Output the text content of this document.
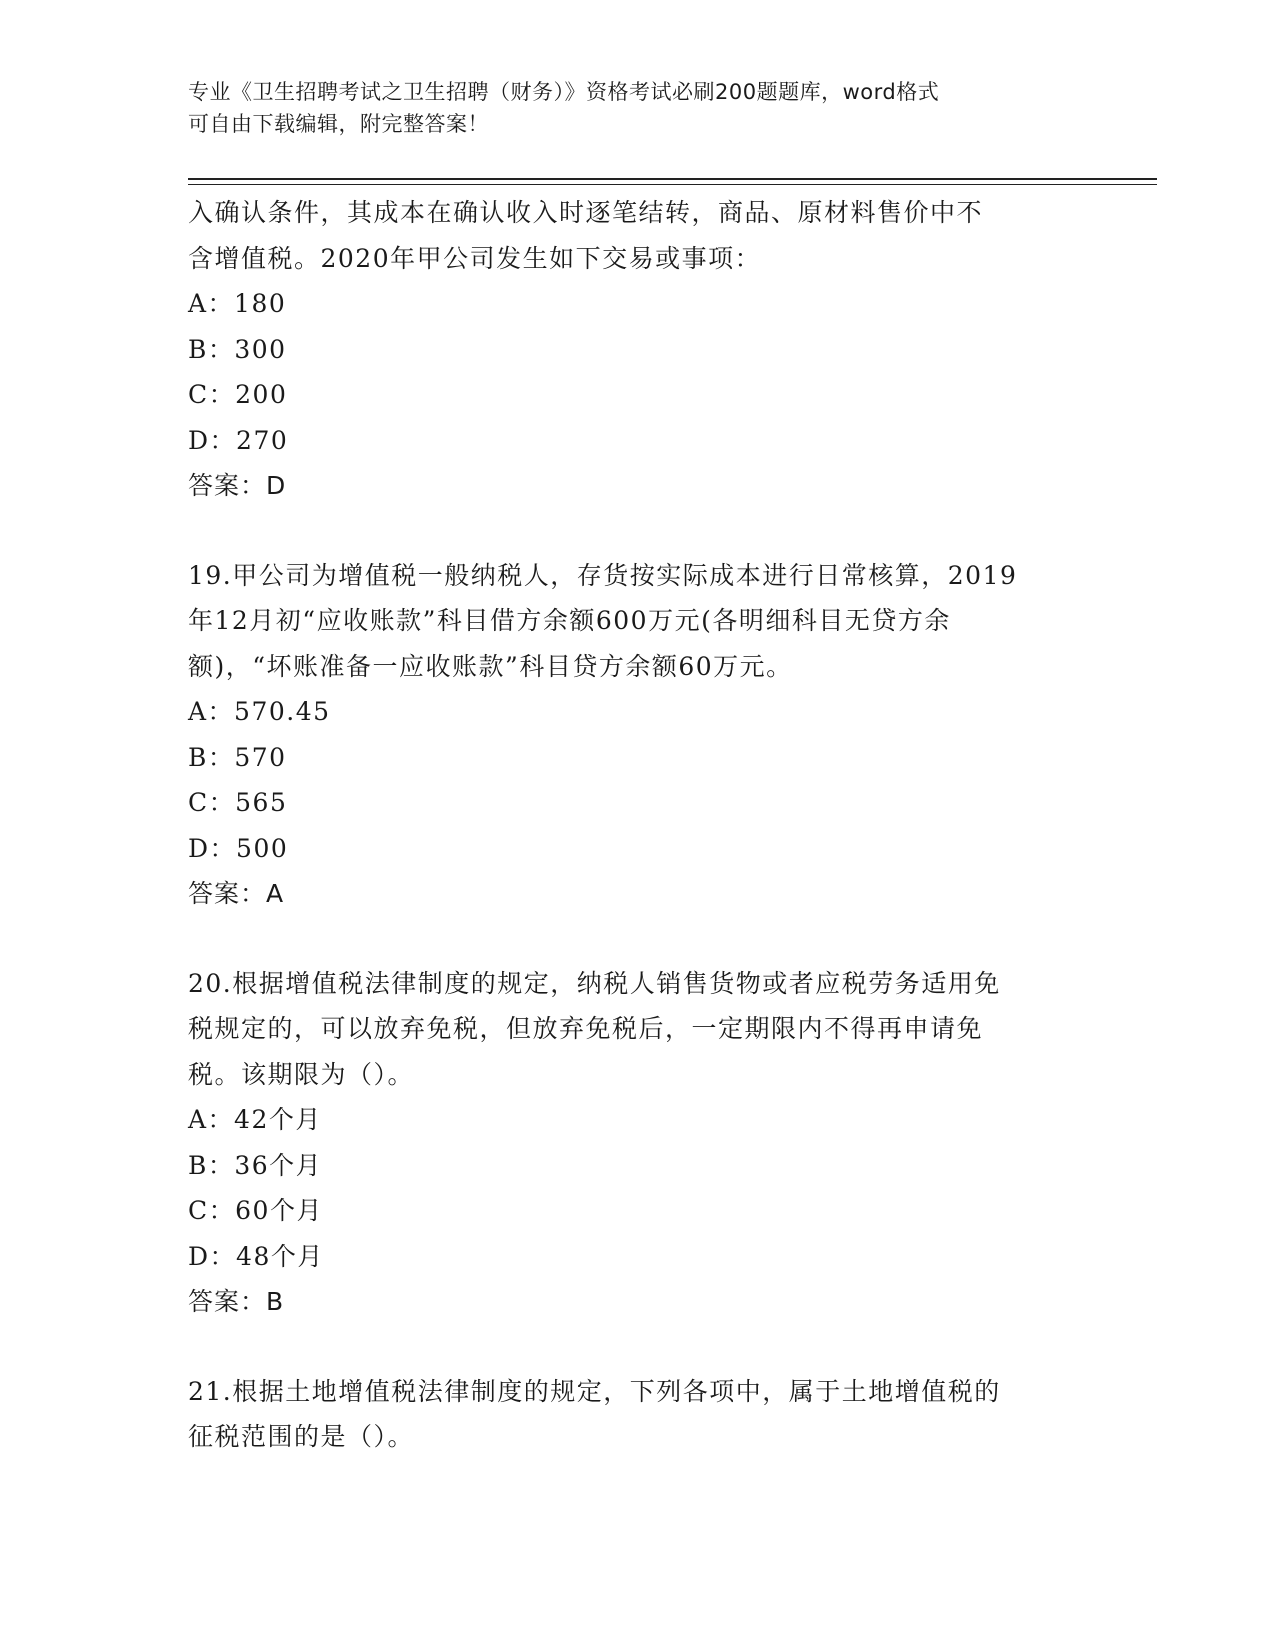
专业《卫生招聘考试之卫生招聘（财务）》资格考试必刷200题题库，word格式
可自由下载编辑，附完整答案！
入确认条件，其成本在确认收入时逐笔结转，商品、原材料售价中不
含增值税。2020年甲公司发生如下交易或事项：
A：180
B：300
C：200
D：270
答案：D
19.甲公司为增值税一般纳税人，存货按实际成本进行日常核算，2019
年12月初“应收账款”科目借方余额600万元(各明细科目无贷方余
额)，“坏账准备一应收账款”科目贷方余额60万元。
A：570.45
B：570
C：565
D：500
答案：A
20.根据增值税法律制度的规定，纳税人销售货物或者应税劳务适用免
税规定的，可以放弃免税，但放弃免税后，一定期限内不得再申请免
税。该期限为（）。
A：42个月
B：36个月
C：60个月
D：48个月
答案：B
21.根据土地增值税法律制度的规定，下列各项中，属于土地增值税的
征税范围的是（）。
